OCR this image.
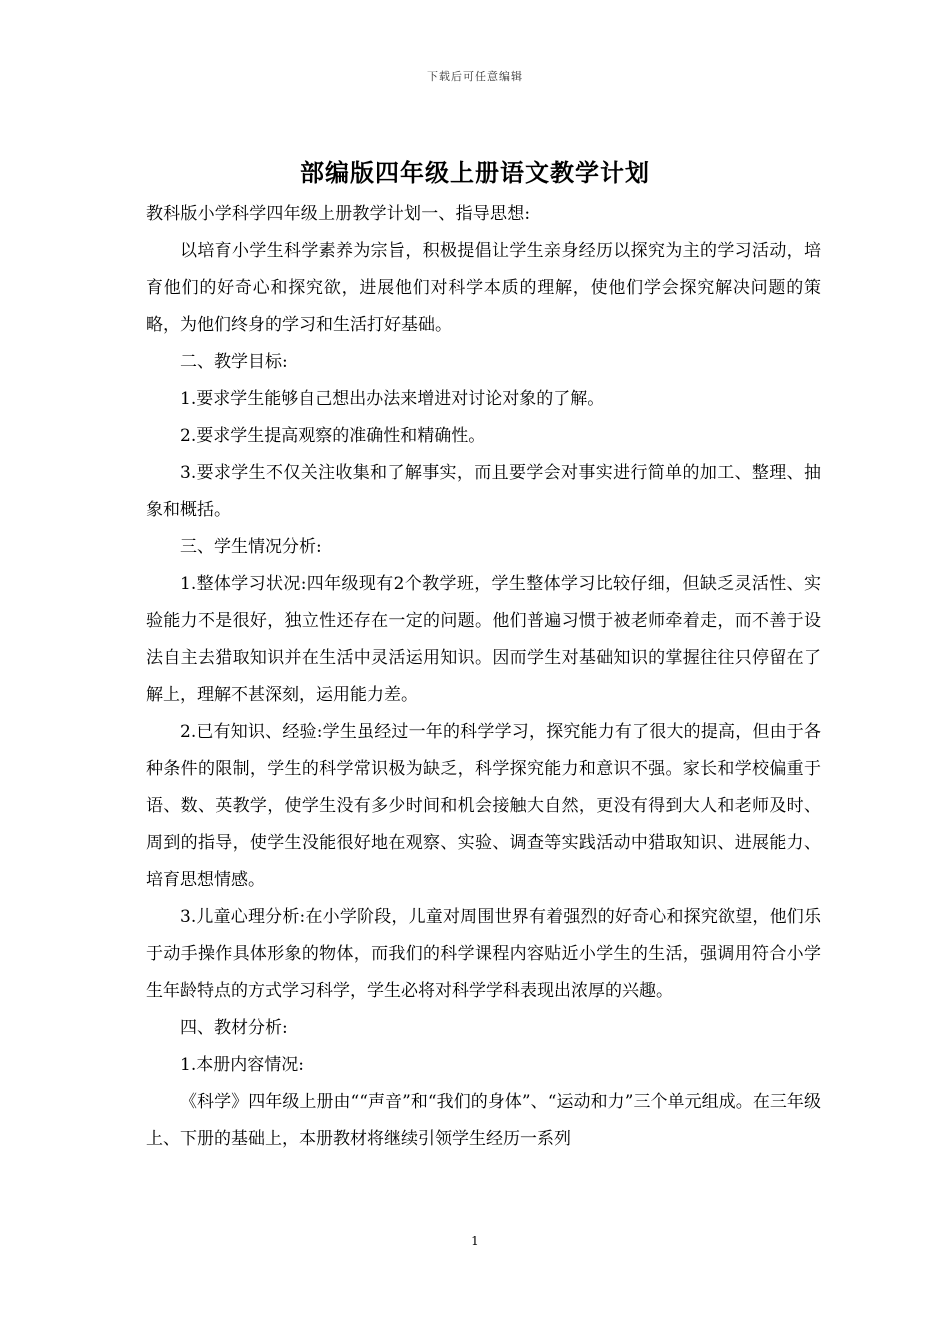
下载后可任意编辑
部编版四年级上册语文教学计划

教科版小学科学四年级上册教学计划一、指导思想:

以培育小学生科学素养为宗旨，积极提倡让学生亲身经历以探究为主的学习活动，培育他们的好奇心和探究欲，进展他们对科学本质的理解，使他们学会探究解决问题的策略，为他们终身的学习和生活打好基础。

二、教学目标:

1.要求学生能够自己想出办法来增进对讨论对象的了解。

2.要求学生提高观察的准确性和精确性。

3.要求学生不仅关注收集和了解事实，而且要学会对事实进行简单的加工、整理、抽象和概括。

三、学生情况分析:

1.整体学习状况:四年级现有2个教学班，学生整体学习比较仔细，但缺乏灵活性、实验能力不是很好，独立性还存在一定的问题。他们普遍习惯于被老师牵着走，而不善于设法自主去猎取知识并在生活中灵活运用知识。因而学生对基础知识的掌握往往只停留在了解上，理解不甚深刻，运用能力差。

2.已有知识、经验:学生虽经过一年的科学学习，探究能力有了很大的提高，但由于各种条件的限制，学生的科学常识极为缺乏，科学探究能力和意识不强。家长和学校偏重于语、数、英教学，使学生没有多少时间和机会接触大自然，更没有得到大人和老师及时、周到的指导，使学生没能很好地在观察、实验、调查等实践活动中猎取知识、进展能力、培育思想情感。

3.儿童心理分析:在小学阶段，儿童对周围世界有着强烈的好奇心和探究欲望，他们乐于动手操作具体形象的物体，而我们的科学课程内容贴近小学生的生活，强调用符合小学生年龄特点的方式学习科学，学生必将对科学学科表现出浓厚的兴趣。

四、教材分析:

1.本册内容情况:

《科学》四年级上册由““声音”和“我们的身体”、“运动和力”三个单元组成。在三年级上、下册的基础上，本册教材将继续引领学生经历一系列

1
